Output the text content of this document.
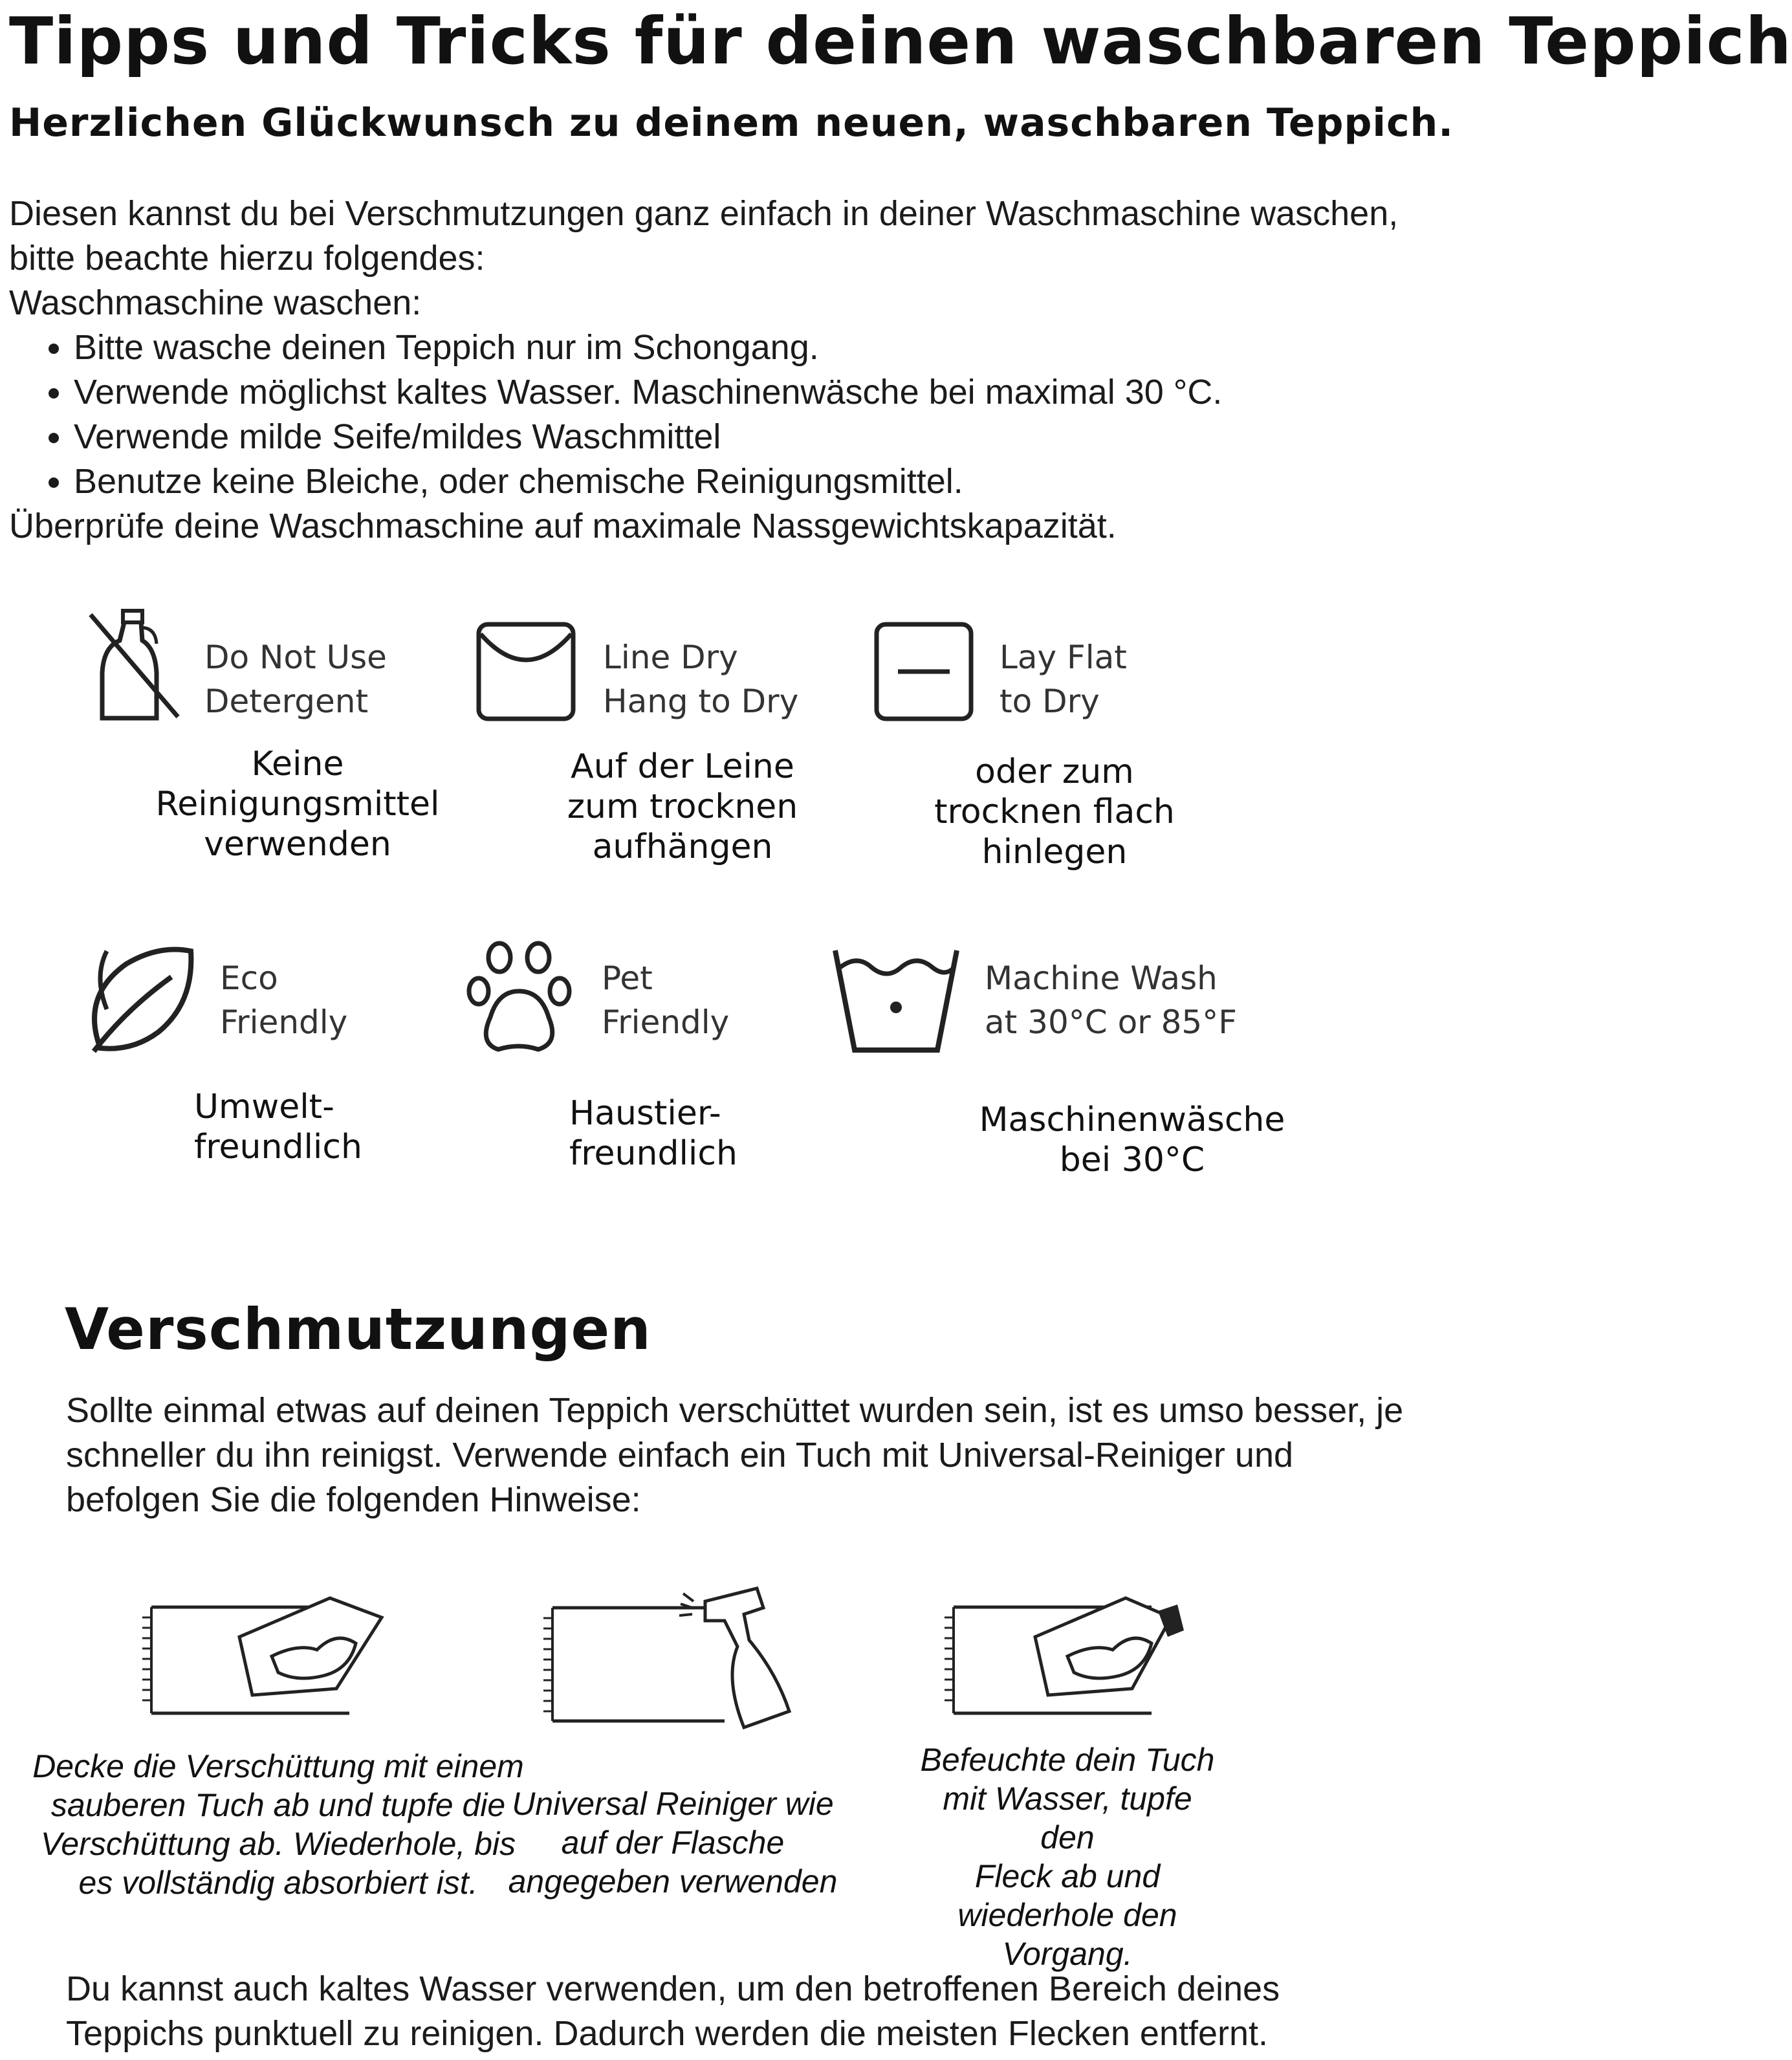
Tipps und Tricks für deinen waschbaren Teppich
Herzlichen Glückwunsch zu deinem neuen, waschbaren Teppich.

Diesen kannst du bei Verschmutzungen ganz einfach in deiner Waschmaschine waschen, bitte beachte hierzu folgendes:

Waschmaschine waschen:

• Bitte wasche deinen Teppich nur im Schongang.
• Verwende möglichst kaltes Wasser. Maschinenwäsche bei maximal 30 °C.
• Verwende milde Seife/mildes Waschmittel
• Benutze keine Bleiche, oder chemische Reinigungsmittel.

Überprüfe deine Waschmaschine auf maximale Nassgewichtskapazität.

Do Not Use
Detergent
Keine
Reinigungsmittel
verwenden
Line Dry
Hang to Dry
Auf der Leine
zum trocknen
aufhängen
Lay Flat
to Dry
oder zum
trocknen flach
hinlegen
Eco
Friendly
Umwelt-
freundlich
Pet
Friendly
Haustier-
freundlich
Machine Wash
at 30°C or 85°F
Maschinenwäsche
bei 30°C
Verschmutzungen
Sollte einmal etwas auf deinen Teppich verschüttet wurden sein, ist es umso besser, je schneller du ihn reinigst. Verwende einfach ein Tuch mit Universal-Reiniger und befolgen Sie die folgenden Hinweise:
Decke die Verschüttung mit einem
sauberen Tuch ab und tupfe die
Verschüttung ab. Wiederhole, bis
es vollständig absorbiert ist.
Universal Reiniger wie
auf der Flasche
angegeben verwenden
Befeuchte dein Tuch
mit Wasser, tupfe den
Fleck ab und
wiederhole den
Vorgang.
Du kannst auch kaltes Wasser verwenden, um den betroffenen Bereich deines Teppichs punktuell zu reinigen. Dadurch werden die meisten Flecken entfernt.
